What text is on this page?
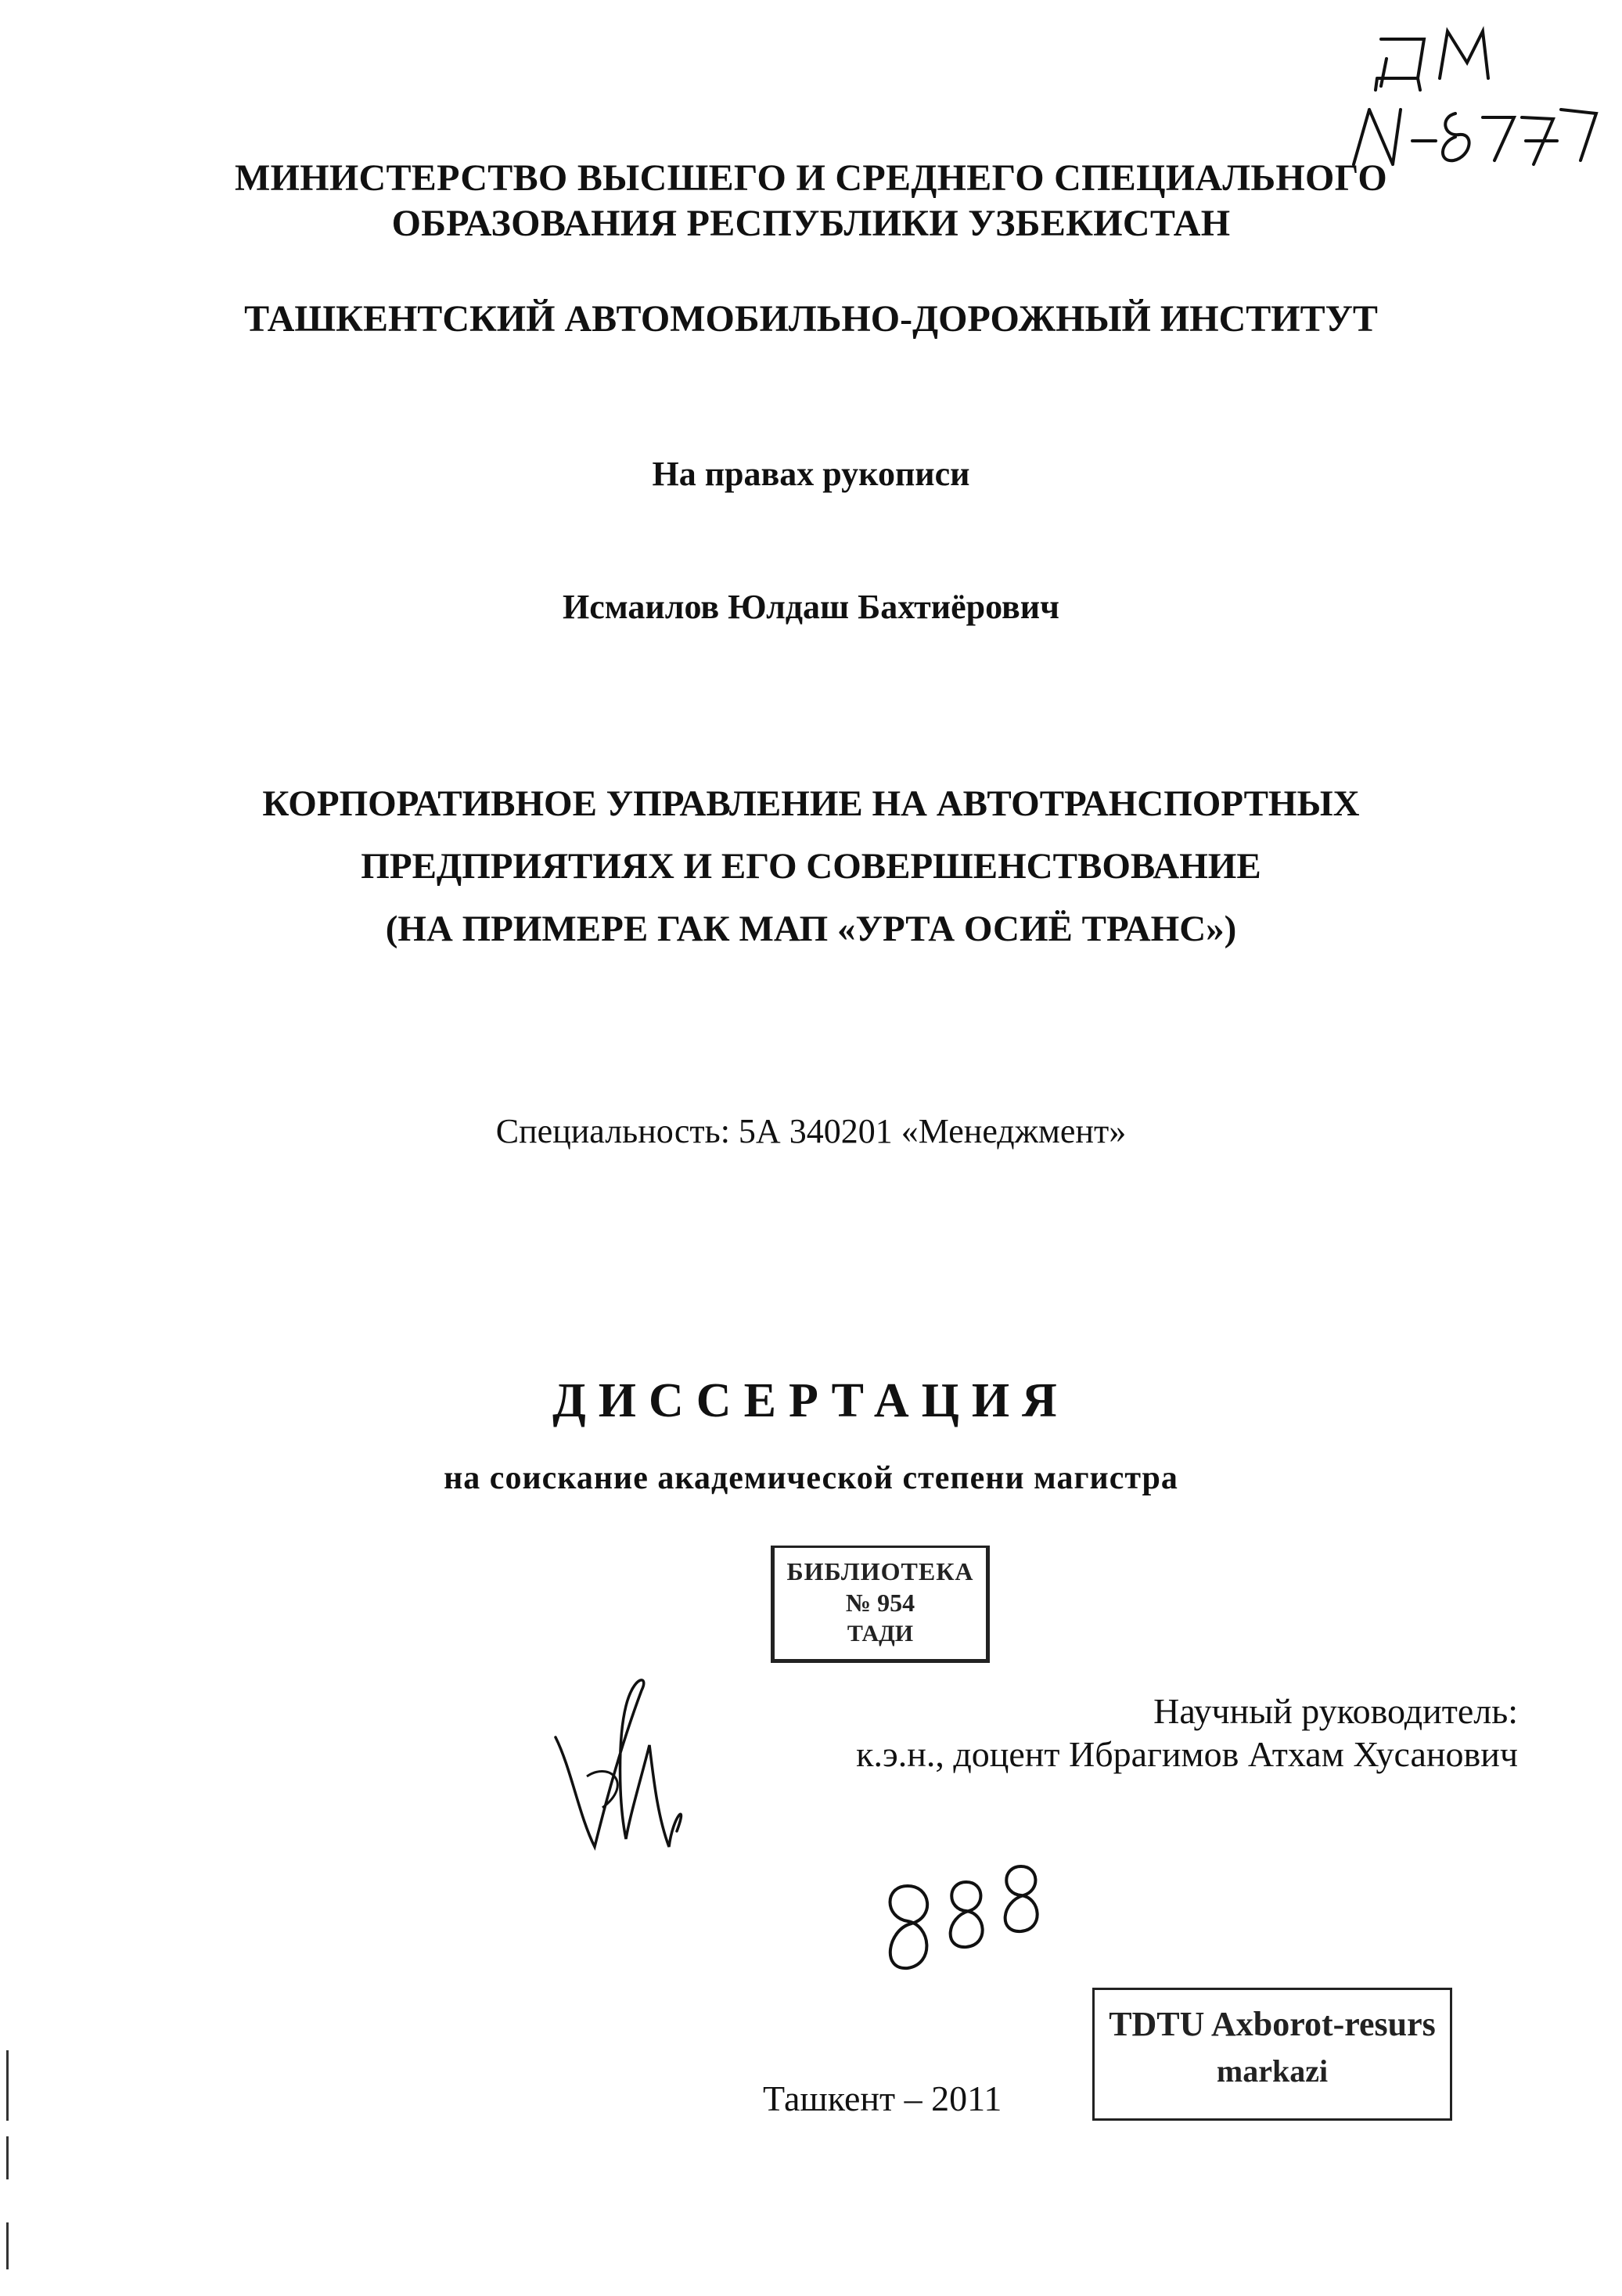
МИНИСТЕРСТВО ВЫСШЕГО И СРЕДНЕГО СПЕЦИАЛЬНОГО
ОБРАЗОВАНИЯ РЕСПУБЛИКИ УЗБЕКИСТАН
ТАШКЕНТСКИЙ АВТОМОБИЛЬНО-ДОРОЖНЫЙ ИНСТИТУТ
На правах рукописи
Исмаилов Юлдаш Бахтиёрович
КОРПОРАТИВНОЕ УПРАВЛЕНИЕ НА АВТОТРАНСПОРТНЫХ
ПРЕДПРИЯТИЯХ И ЕГО СОВЕРШЕНСТВОВАНИЕ
(НА ПРИМЕРЕ ГАК МАП «УРТА ОСИЁ ТРАНС»)
Специальность: 5А 340201 «Менеджмент»
ДИССЕРТАЦИЯ
на соискание академической степени магистра
БИБЛИОТЕКА
№ 954
ТАДИ
Научный руководитель:
к.э.н., доцент Ибрагимов Атхам Хусанович
TDTU Axborot-resurs
markazi
Ташкент – 2011
